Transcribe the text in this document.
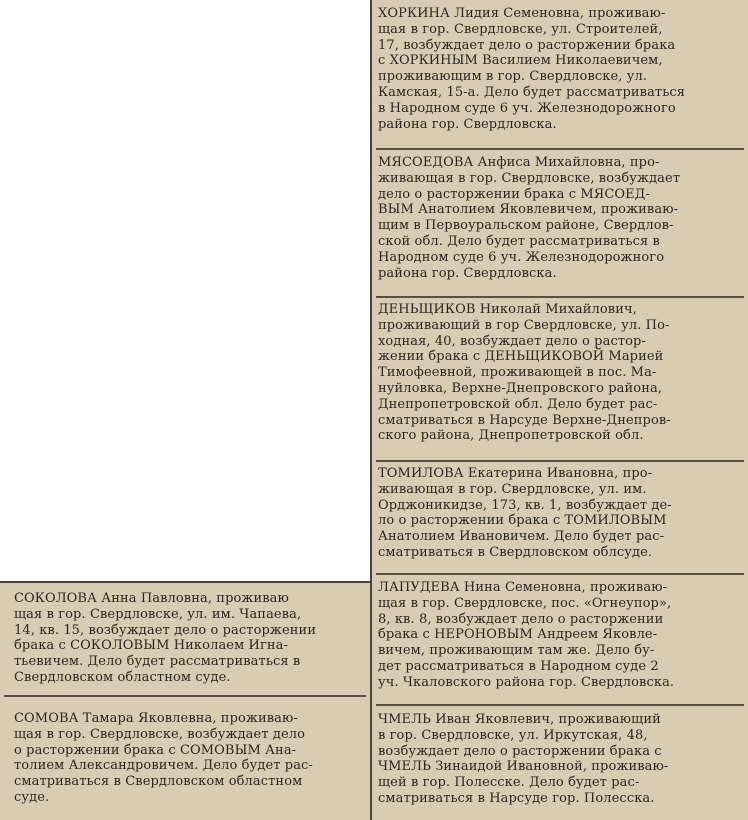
ХОРКИНА Лидия Семеновна, проживаю-
щая в гор. Свердловске, ул. Строителей,
17, возбуждает дело о расторжении брака
с ХОРКИНЫМ Василием Николаевичем,
проживающим в гор. Свердловске, ул.
Камская, 15-а. Дело будет рассматриваться
в Народном суде 6 уч. Железнодорожного
района гор. Свердловска.
МЯСОЕДОВА Анфиса Михайловна, про-
живающая в гор. Свердловске, возбуждает
дело о расторжении брака с МЯСОЕД-
ВЫМ Анатолием Яковлевичем, проживаю-
щим в Первоуральском районе, Свердлов-
ской обл. Дело будет рассматриваться в
Народном суде 6 уч. Железнодорожного
района гор. Свердловска.
ДЕНЬЩИКОВ Николай Михайлович,
проживающий в гор Свердловске, ул. По-
ходная, 40, возбуждает дело о растор-
жении брака с ДЕНЬЩИКОВОЙ Марией
Тимофеевной, проживающей в пос. Ма-
нуйловка, Верхне-Днепровского района,
Днепропетровской обл. Дело будет рас-
сматриваться в Нарсуде Верхне-Днепров-
ского района, Днепропетровской обл.
ТОМИЛОВА Екатерина Ивановна, про-
живающая в гор. Свердловске, ул. им.
Орджоникидзе, 173, кв. 1, возбуждает де-
ло о расторжении брака с ТОМИЛОВЫМ
Анатолием Ивановичем. Дело будет рас-
сматриваться в Свердловском облсуде.
ЛАПУДЕВА Нина Семеновна, проживаю-
щая в гор. Свердловске, пос. «Огнеупор»,
8, кв. 8, возбуждает дело о расторжении
брака с НЕРОНОВЫМ Андреем Яковле-
вичем, проживающим там же. Дело бу-
дет рассматриваться в Народном суде 2
уч. Чкаловского района гор. Свердловска.
ЧМЕЛЬ Иван Яковлевич, проживающий
в гор. Свердловске, ул. Иркутская, 48,
возбуждает дело о расторжении брака с
ЧМЕЛЬ Зинаидой Ивановной, проживаю-
щей в гор. Полесске. Дело будет рас-
сматриваться в Нарсуде гор. Полесска.
СОКОЛОВА Анна Павловна, проживаю
щая в гор. Свердловске, ул. им. Чапаева,
14, кв. 15, возбуждает дело о расторжении
брака с СОКОЛОВЫМ Николаем Игна-
тьевичем. Дело будет рассматриваться в
Свердловском областном суде.
СОМОВА Тамара Яковлевна, проживаю-
щая в гор. Свердловске, возбуждает дело
о расторжении брака с СОМОВЫМ Ана-
толием Александровичем. Дело будет рас-
сматриваться в Свердловском областном
суде.
